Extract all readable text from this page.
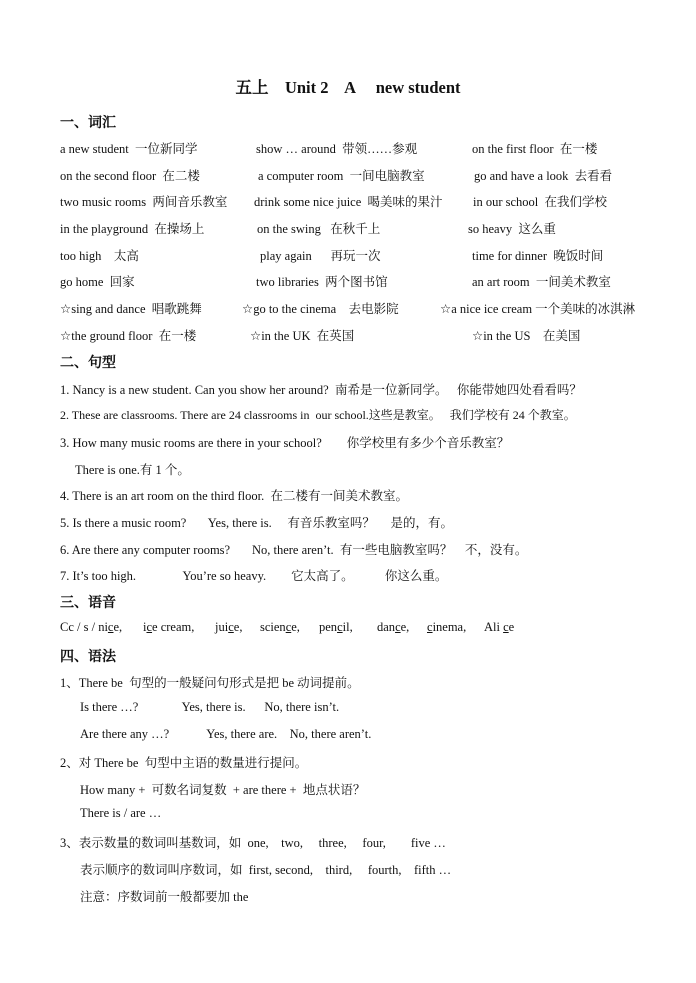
五上    Unit 2    A     new student
一、词汇
a new student  一位新同学	show … around  带领……参观	on the first floor  在一楼
on the second floor  在二楼	a computer room  一间电脑教室	go and have a look  去看看
two music rooms  两间音乐教室 drink some nice juice  喝美味的果汁 in our school  在我们学校
in the playground  在操场上	on the swing   在秋千上	so heavy  这么重
too high    太高	play again      再玩一次	time for dinner  晚饭时间
go home  回家	two libraries  两个图书馆	an art room  一间美术教室
☆sing and dance  唱歌跳舞	☆go to the cinema    去电影院	☆a nice ice cream 一个美味的冰淇淋
☆the ground floor  在一楼	☆in the UK  在英国	☆in the US    在美国
二、句型
1. Nancy is a new student. Can you show her around?  南希是一位新同学。   你能带她四处看看吗？
2. These are classrooms. There are 24 classrooms in  our school.这些是教室。   我们学校有 24 个教室。
3. How many music rooms are there in your school?        你学校里有多少个音乐教室？
There is one.有 1 个。
4. There is an art room on the third floor.  在二楼有一间美术教室。
5. Is there a music room?       Yes, there is.     有音乐教室吗？     是的，有。
6. Are there any computer rooms?       No, there aren’t.  有一些电脑教室吗？    不，没有。
7. It’s too high.               You’re so heavy.        它太高了。          你这么重。
三、语音
Cc / s / nice, ice cream, juice, science, pencil, dance, cinema, Ali ce
四、语法
1、There be  句型的一般疑问句形式是把 be 动词提前。
Is there …?              Yes, there is.      No, there isn’t.
Are there any …?            Yes, there are.    No, there aren’t.
2、对 There be  句型中主语的数量进行提问。
How many +  可数名词复数  + are there +  地点状语？
There is / are …
3、表示数量的数词叫基数词，如  one,    two,     three,     four,        five …
表示顺序的数词叫序数词，如  first, second,    third,     fourth,    fifth …
注意：序数词前一般都要加 the
